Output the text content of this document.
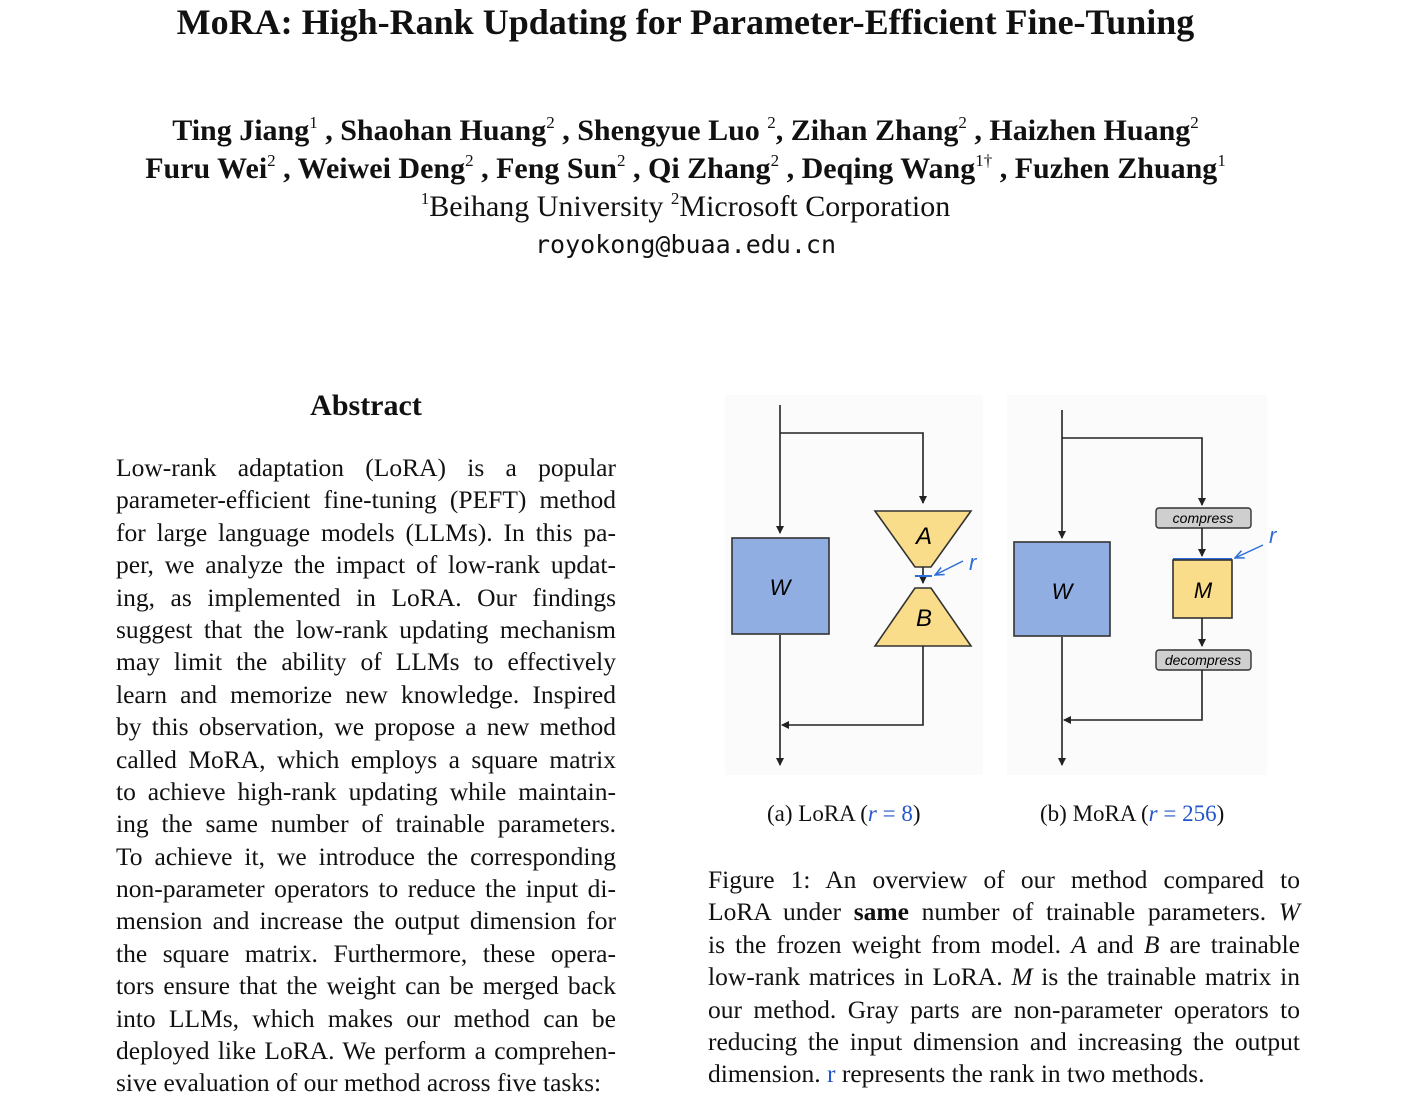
MoRA: High-Rank Updating for Parameter-Efficient Fine-Tuning
Ting Jiang$^1$ , Shaohan Huang$^2$ , Shengyue Luo $^2$, Zihan Zhang$^2$ , Haizhen Huang$^2$
Furu Wei$^2$ , Weiwei Deng$^2$ , Feng Sun$^2$ , Qi Zhang$^2$ , Deqing Wang$^{1\dagger}$ , Fuzhen Zhuang$^1$
$^1$Beihang University $^2$Microsoft Corporation
royokong@buaa.edu.cn
Abstract
Low-rank adaptation (LoRA) is a popular
parameter-efficient fine-tuning (PEFT) method
for large language models (LLMs). In this pa-
per, we analyze the impact of low-rank updat-
ing, as implemented in LoRA. Our findings
suggest that the low-rank updating mechanism
may limit the ability of LLMs to effectively
learn and memorize new knowledge. Inspired
by this observation, we propose a new method
called MoRA, which employs a square matrix
to achieve high-rank updating while maintain-
ing the same number of trainable parameters.
To achieve it, we introduce the corresponding
non-parameter operators to reduce the input di-
mension and increase the output dimension for
the square matrix. Furthermore, these opera-
tors ensure that the weight can be merged back
into LLMs, which makes our method can be
deployed like LoRA. We perform a comprehen-
sive evaluation of our method across five tasks:
W
A
B
r
W
compress
M
r
decompress
(a) LoRA (r = 8)	(b) MoRA (r = 256)
Figure 1: An overview of our method compared to
LoRA under same number of trainable parameters. W
is the frozen weight from model. A and B are trainable
low-rank matrices in LoRA. M is the trainable matrix in
our method. Gray parts are non-parameter operators to
reducing the input dimension and increasing the output
dimension. r represents the rank in two methods.
